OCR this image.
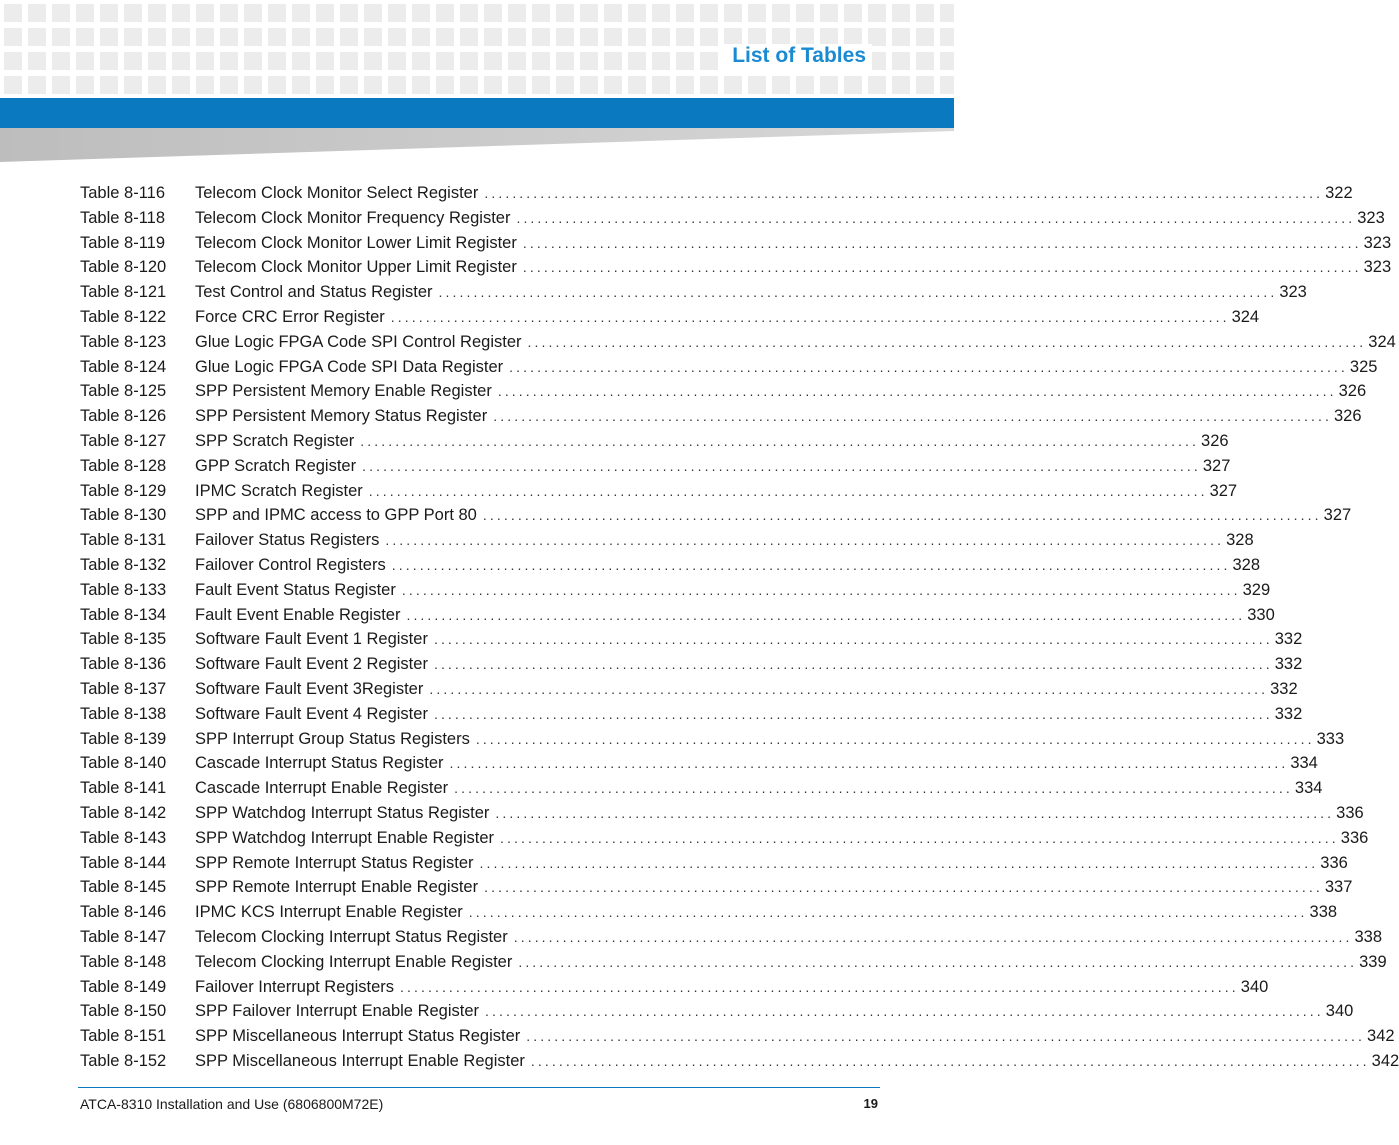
List of Tables
Table 8-116	Telecom Clock Monitor Select Register ........................................................................................................................ 322
Table 8-118	Telecom Clock Monitor Frequency Register ........................................................................................................................ 323
Table 8-119	Telecom Clock Monitor Lower Limit Register ........................................................................................................................ 323
Table 8-120	Telecom Clock Monitor Upper Limit Register ........................................................................................................................ 323
Table 8-121	Test Control and Status Register ........................................................................................................................ 323
Table 8-122	Force CRC Error Register ........................................................................................................................ 324
Table 8-123	Glue Logic FPGA Code SPI Control Register ........................................................................................................................ 324
Table 8-124	Glue Logic FPGA Code SPI Data Register ........................................................................................................................ 325
Table 8-125	SPP Persistent Memory Enable Register ........................................................................................................................ 326
Table 8-126	SPP Persistent Memory Status Register ........................................................................................................................ 326
Table 8-127	SPP Scratch Register ........................................................................................................................ 326
Table 8-128	GPP Scratch Register ........................................................................................................................ 327
Table 8-129	IPMC Scratch Register ........................................................................................................................ 327
Table 8-130	SPP and IPMC access to GPP Port 80 ........................................................................................................................ 327
Table 8-131	Failover Status Registers ........................................................................................................................ 328
Table 8-132	Failover Control Registers ........................................................................................................................ 328
Table 8-133	Fault Event Status Register ........................................................................................................................ 329
Table 8-134	Fault Event Enable Register ........................................................................................................................ 330
Table 8-135	Software Fault Event 1 Register ........................................................................................................................ 332
Table 8-136	Software Fault Event 2 Register ........................................................................................................................ 332
Table 8-137	Software Fault Event 3Register ........................................................................................................................ 332
Table 8-138	Software Fault Event 4 Register ........................................................................................................................ 332
Table 8-139	SPP Interrupt Group Status Registers ........................................................................................................................ 333
Table 8-140	Cascade Interrupt Status Register ........................................................................................................................ 334
Table 8-141	Cascade Interrupt Enable Register ........................................................................................................................ 334
Table 8-142	SPP Watchdog Interrupt Status Register ........................................................................................................................ 336
Table 8-143	SPP Watchdog Interrupt Enable Register ........................................................................................................................ 336
Table 8-144	SPP Remote Interrupt Status Register ........................................................................................................................ 336
Table 8-145	SPP Remote Interrupt Enable Register ........................................................................................................................ 337
Table 8-146	IPMC KCS Interrupt Enable Register ........................................................................................................................ 338
Table 8-147	Telecom Clocking Interrupt Status Register ........................................................................................................................ 338
Table 8-148	Telecom Clocking Interrupt Enable Register ........................................................................................................................ 339
Table 8-149	Failover Interrupt Registers ........................................................................................................................ 340
Table 8-150	SPP Failover Interrupt Enable Register ........................................................................................................................ 340
Table 8-151	SPP Miscellaneous Interrupt Status Register ........................................................................................................................ 342
Table 8-152	SPP Miscellaneous Interrupt Enable Register ........................................................................................................................ 342
ATCA-8310 Installation and Use (6806800M72E)	19
